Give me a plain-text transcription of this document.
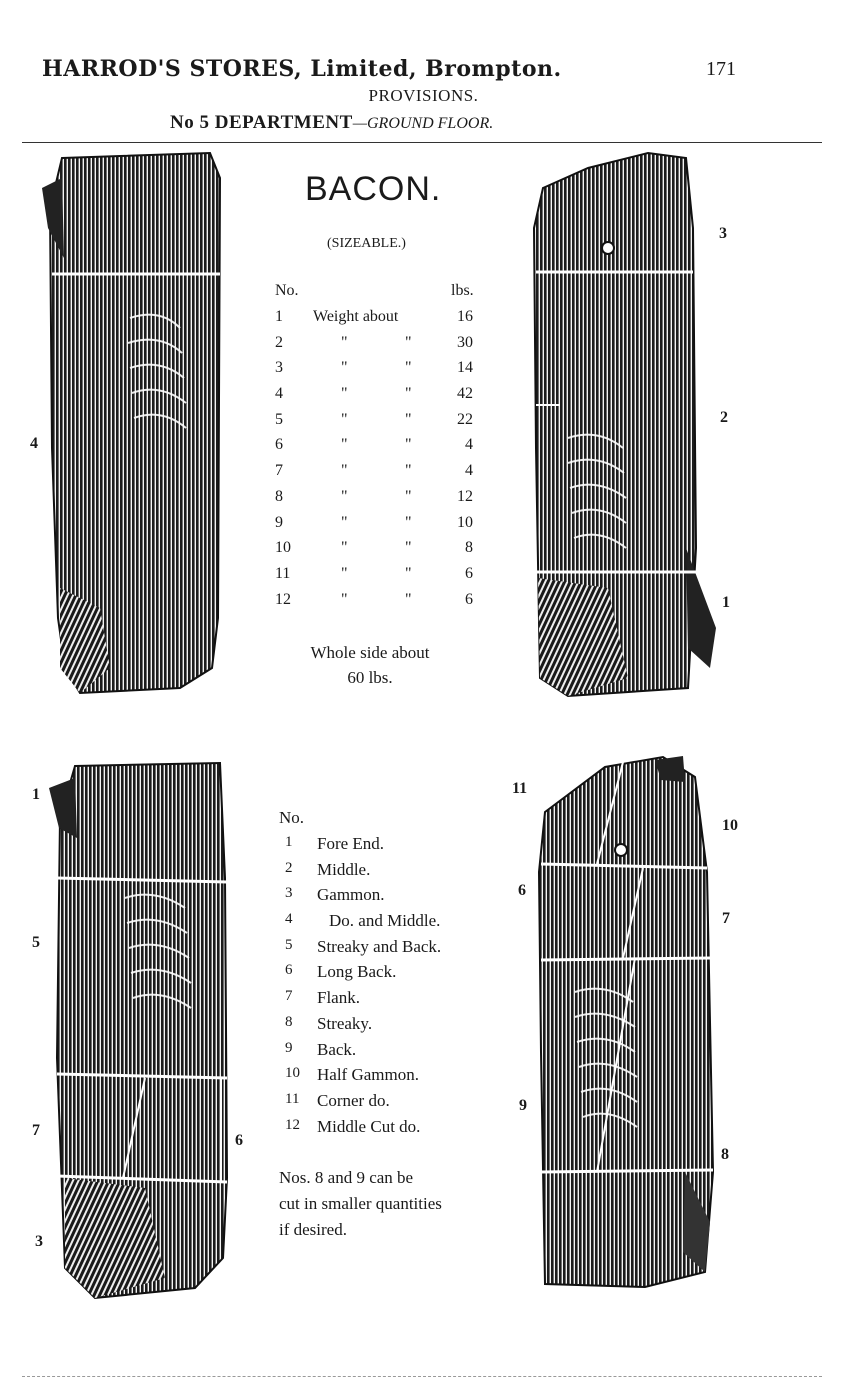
HARROD'S STORES, Limited, Brompton.	171
PROVISIONS.
No 5 DEPARTMENT—GROUND FLOOR.
BACON.
(SIZEABLE.)
No.	lbs.
1	Weight about	16
2	"	"	30
3	"	"	14
4	"	"	42
5	"	"	22
6	"	"	4
7	"	"	4
8	"	"	12
9	"	"	10
10	"	"	8
11	"	"	6
12	"	"	6
Whole side about
60 lbs.
No.
1	Fore End.
2	Middle.
3	Gammon.
4	Do. and Middle.
5	Streaky and Back.
6	Long Back.
7	Flank.
8	Streaky.
9	Back.
10	Half Gammon.
11	Corner do.
12	Middle Cut do.
Nos. 8 and 9 can be
cut in smaller quantities
if desired.
4
3
2
1
1
5
7
6
3
11
10
6
7
9
8
